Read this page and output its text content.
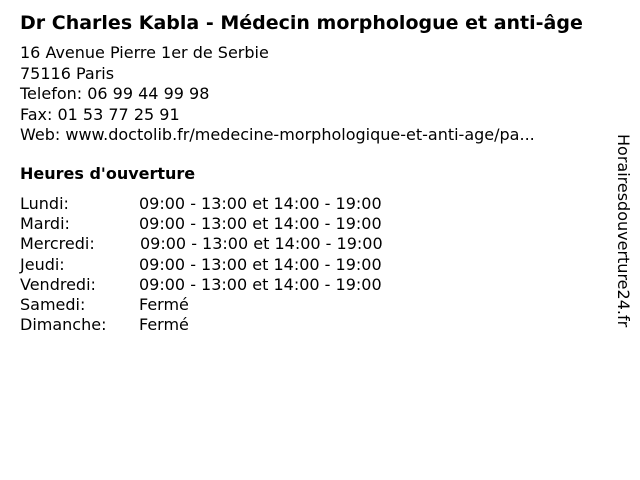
Dr Charles Kabla - Médecin morphologue et anti-âge
16 Avenue Pierre 1er de Serbie
75116 Paris
Telefon: 06 99 44 99 98
Fax: 01 53 77 25 91
Web: www.doctolib.fr/medecine-morphologique-et-anti-age/pa...
Heures d'ouverture
Lundi:	09:00 - 13:00 et 14:00 - 19:00
Mardi:	09:00 - 13:00 et 14:00 - 19:00
Mercredi:	09:00 - 13:00 et 14:00 - 19:00
Jeudi:	09:00 - 13:00 et 14:00 - 19:00
Vendredi:	09:00 - 13:00 et 14:00 - 19:00
Samedi:	Fermé
Dimanche: Fermé	Horairesdouverture24.fr
